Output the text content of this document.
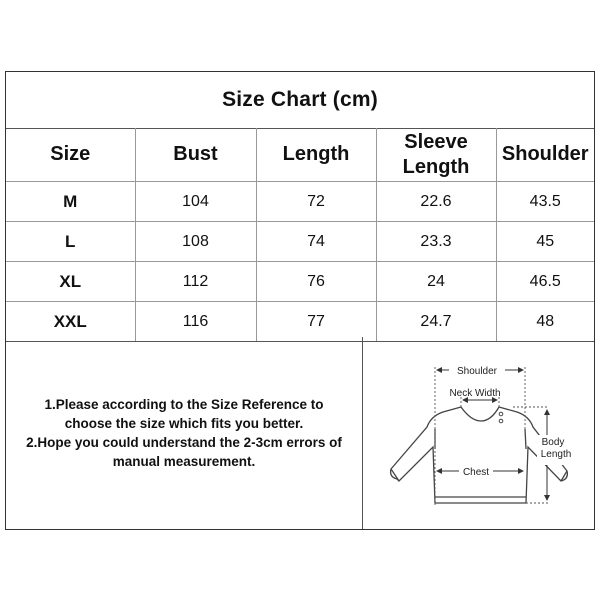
Size Chart (cm)
Size	Bust	Length	Sleeve Length	Shoulder
M	104	72	22.6	43.5
L	108	74	23.3	45
XL	112	76	24	46.5
XXL	116	77	24.7	48
1.Please according to the Size Reference to
choose the size which fits you better.
2.Hope you could understand the 2-3cm errors of
manual measurement.
Shoulder
Neck Width
Chest
Body
Length
